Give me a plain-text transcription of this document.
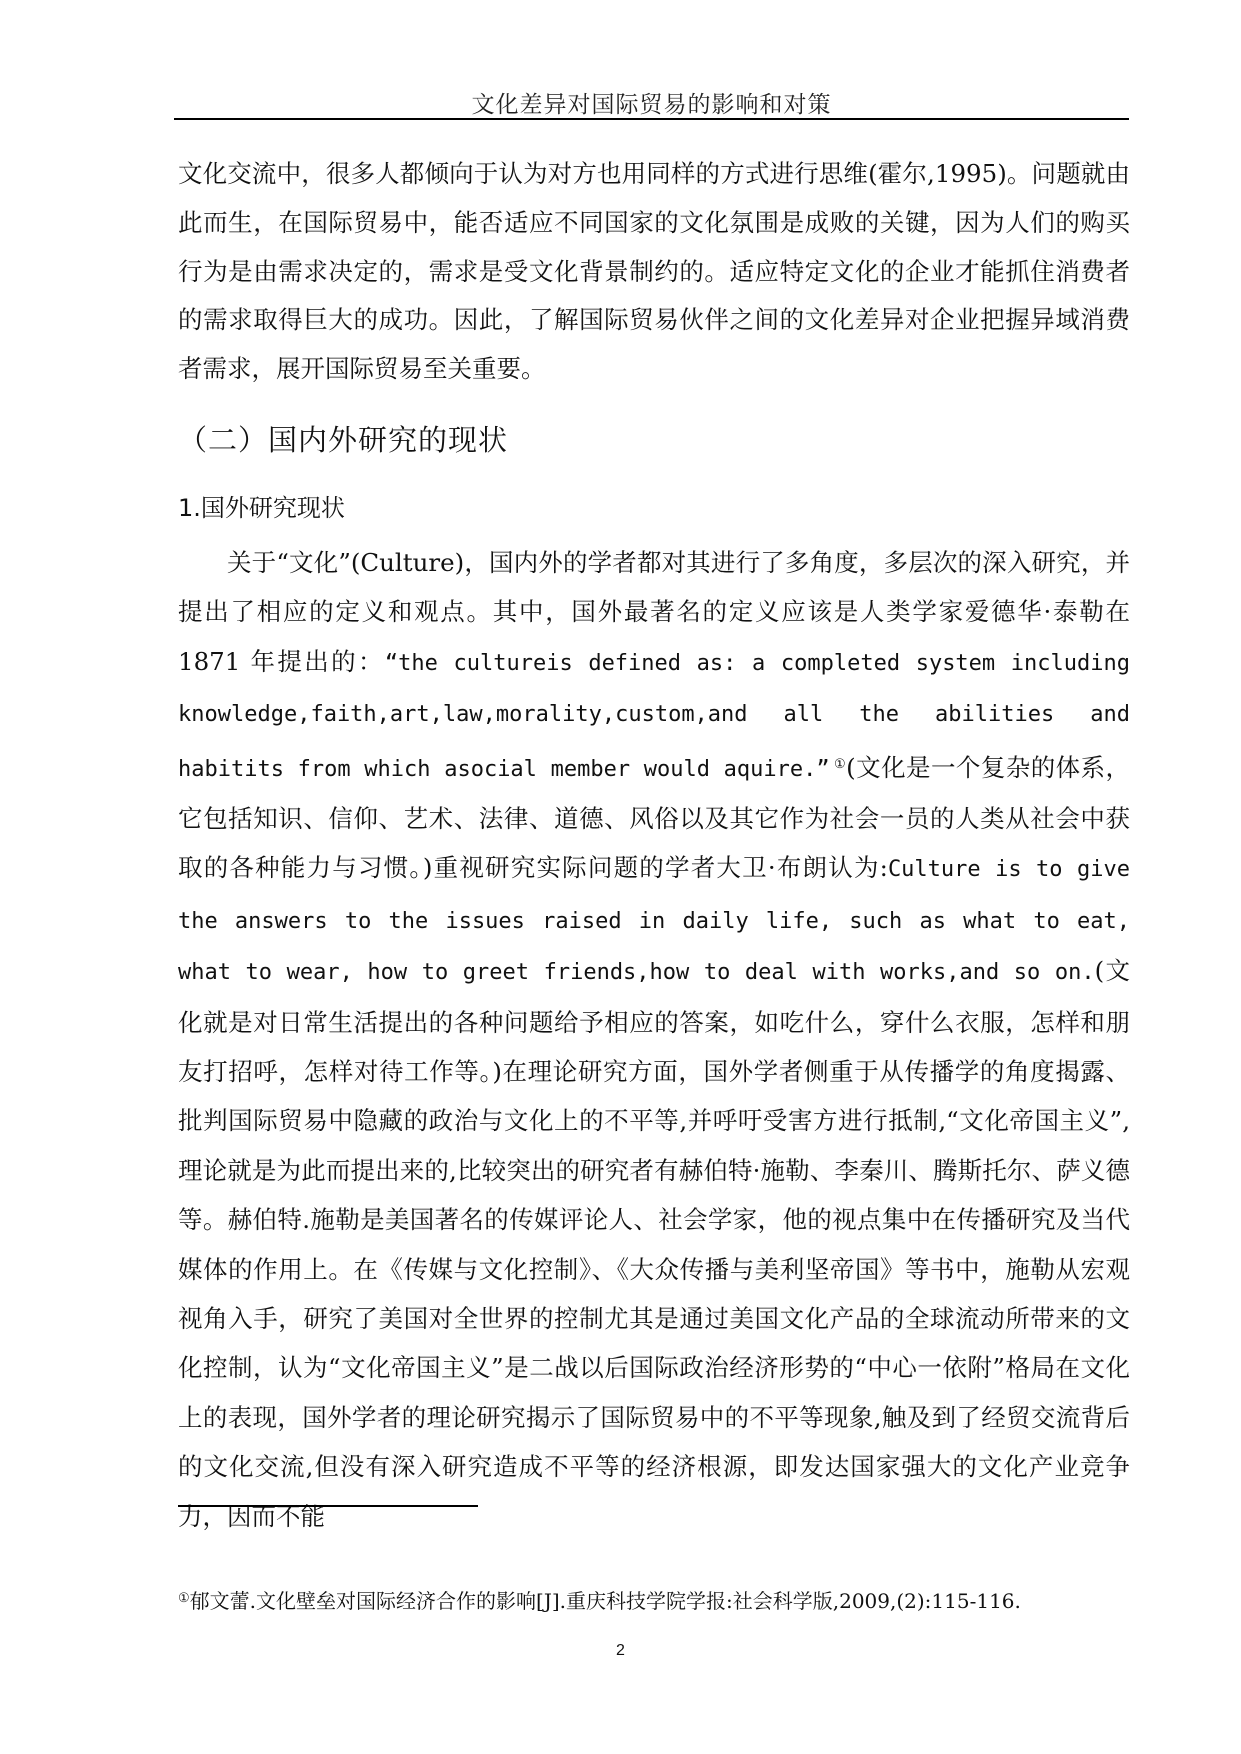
文化差异对国际贸易的影响和对策

文化交流中，很多人都倾向于认为对方也用同样的方式进行思维(霍尔,1995)。问题就由此而生，在国际贸易中，能否适应不同国家的文化氛围是成败的关键，因为人们的购买行为是由需求决定的，需求是受文化背景制约的。适应特定文化的企业才能抓住消费者的需求取得巨大的成功。因此，了解国际贸易伙伴之间的文化差异对企业把握异域消费者需求，展开国际贸易至关重要。

（二）国内外研究的现状
1.国外研究现状

关于“文化”(Culture)，国内外的学者都对其进行了多角度，多层次的深入研究，并提出了相应的定义和观点。其中，国外最著名的定义应该是人类学家爱德华·泰勒在1871 年提出的：“the cultureis defined as: a completed system including knowledge,faith,art,law,morality,custom,and all the abilities and habitits from which asocial member would aquire.” ①(文化是一个复杂的体系，它包括知识、信仰、艺术、法律、道德、风俗以及其它作为社会一员的人类从社会中获取的各种能力与习惯。)重视研究实际问题的学者大卫·布朗认为:Culture is to give the answers to the issues raised in daily life, such as what to eat, what to wear, how to greet friends,how to deal with works,and so on.(文化就是对日常生活提出的各种问题给予相应的答案，如吃什么，穿什么衣服，怎样和朋友打招呼，怎样对待工作等。)在理论研究方面，国外学者侧重于从传播学的角度揭露、批判国际贸易中隐藏的政治与文化上的不平等,并呼吁受害方进行抵制,“文化帝国主义”,理论就是为此而提出来的,比较突出的研究者有赫伯特·施勒、李秦川、腾斯托尔、萨义德等。赫伯特.施勒是美国著名的传媒评论人、社会学家，他的视点集中在传播研究及当代媒体的作用上。在《传媒与文化控制》、《大众传播与美利坚帝国》等书中，施勒从宏观视角入手，研究了美国对全世界的控制尤其是通过美国文化产品的全球流动所带来的文化控制，认为“文化帝国主义”是二战以后国际政治经济形势的“中心一依附”格局在文化上的表现，国外学者的理论研究揭示了国际贸易中的不平等现象,触及到了经贸交流背后的文化交流,但没有深入研究造成不平等的经济根源，即发达国家强大的文化产业竞争力，因而不能

①郁文蕾.文化壁垒对国际经济合作的影响[J].重庆科技学院学报:社会科学版,2009,(2):115-116.
2
